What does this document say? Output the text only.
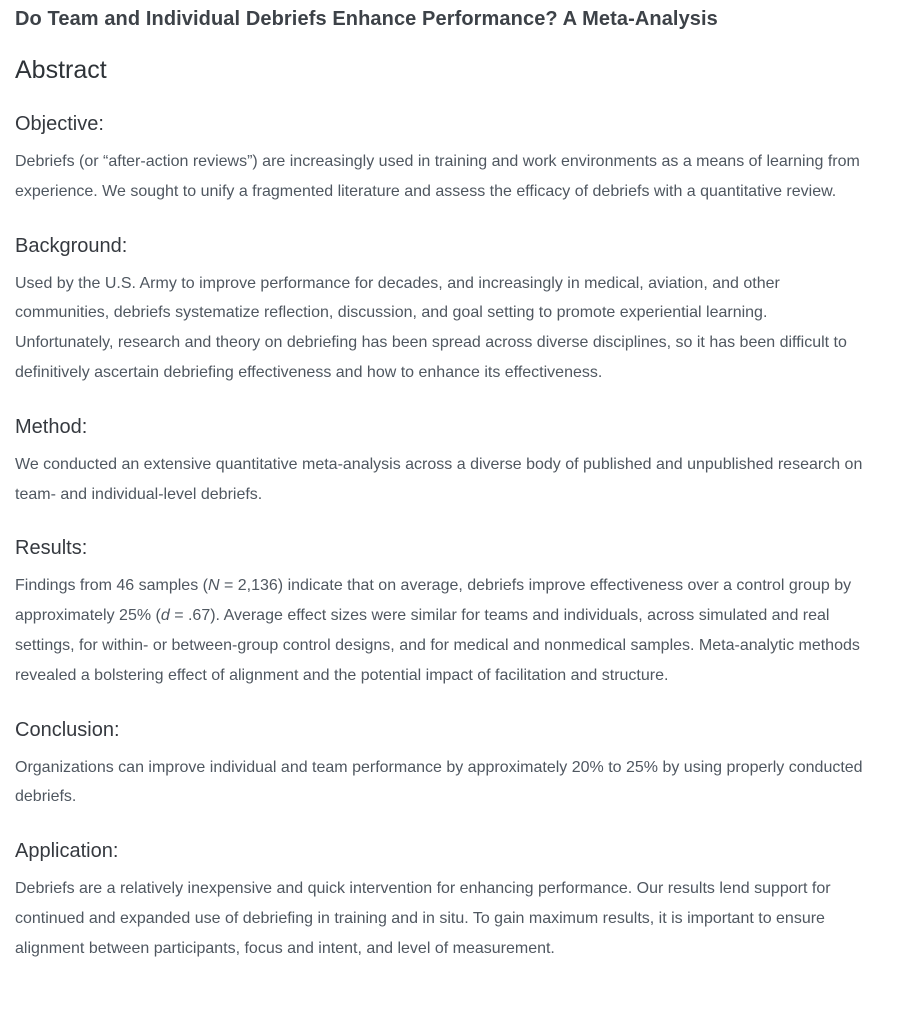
Do Team and Individual Debriefs Enhance Performance? A Meta-Analysis
Abstract
Objective:

Debriefs (or “after-action reviews”) are increasingly used in training and work environments as a means of learning from experience. We sought to unify a fragmented literature and assess the efficacy of debriefs with a quantitative review.

Background:

Used by the U.S. Army to improve performance for decades, and increasingly in medical, aviation, and other communities, debriefs systematize reflection, discussion, and goal setting to promote experiential learning. Unfortunately, research and theory on debriefing has been spread across diverse disciplines, so it has been difficult to definitively ascertain debriefing effectiveness and how to enhance its effectiveness.

Method:

We conducted an extensive quantitative meta-analysis across a diverse body of published and unpublished research on team- and individual-level debriefs.

Results:

Findings from 46 samples (N = 2,136) indicate that on average, debriefs improve effectiveness over a control group by approximately 25% (d = .67). Average effect sizes were similar for teams and individuals, across simulated and real settings, for within- or between-group control designs, and for medical and nonmedical samples. Meta-analytic methods revealed a bolstering effect of alignment and the potential impact of facilitation and structure.

Conclusion:

Organizations can improve individual and team performance by approximately 20% to 25% by using properly conducted debriefs.

Application:

Debriefs are a relatively inexpensive and quick intervention for enhancing performance. Our results lend support for continued and expanded use of debriefing in training and in situ. To gain maximum results, it is important to ensure alignment between participants, focus and intent, and level of measurement.
